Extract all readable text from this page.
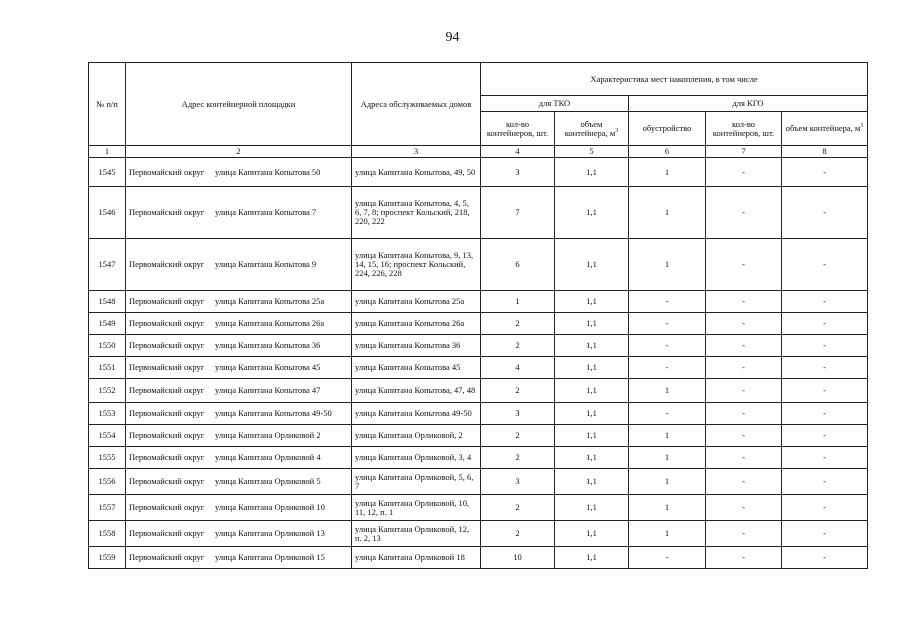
94
№ п/п	Адрес контейнерной площадки	Адреса обслуживаемых домов	Характеристика мест накопления, в том числе				
			для ТКО		для КГО		
			кол-во контейнеров, шт.	объем контейнера, $м^3$	обустройство	кол-во контейнеров, шт.	объем контейнера, $м^3$
1	2	3	4	5	6	7	8
1545	Первомайский округ улица Капитана Копытова 50	улица Капитана Копытова, 49, 50	3	1,1	1	-	-
1546	Первомайский округ улица Капитана Копытова 7	улица Капитана Копытова, 4, 5, 6, 7, 8; проспект Кольский, 218, 220, 222	7	1,1	1	-	-
1547	Первомайский округ улица Капитана Копытова 9	улица Капитана Копытова, 9, 13, 14, 15, 16; проспект Кольский, 224, 226, 228	6	1,1	1	-	-
1548	Первомайский округ улица Капитана Копытова 25а	улица Капитана Копытова 25а	1	1,1	-	-	-
1549	Первомайский округ улица Капитана Копытова 26а	улица Капитана Копытова 26а	2	1,1	-	-	-
1550	Первомайский округ улица Капитана Копытова 36	улица Капитана Копытова 36	2	1,1	-	-	-
1551	Первомайский округ улица Капитана Копытова 45	улица Капитана Копытова 45	4	1,1	-	-	-
1552	Первомайский округ улица Капитана Копытова 47	улица Капитана Копытова, 47, 48	2	1,1	1	-	-
1553	Первомайский округ улица Капитана Копытова 49-50	улица Капитана Копытова 49-50	3	1,1	-	-	-
1554	Первомайский округ улица Капитана Орликовой 2	улица Капитана Орликовой, 2	2	1,1	1	-	-
1555	Первомайский округ улица Капитана Орликовой 4	улица Капитана Орликовой, 3, 4	2	1,1	1	-	-
1556	Первомайский округ улица Капитана Орликовой 5	улица Капитана Орликовой, 5, 6, 7	3	1,1	1	-	-
1557	Первомайский округ улица Капитана Орликовой 10	улица Капитана Орликовой, 10, 11, 12, п. 1	2	1,1	1	-	-
1558	Первомайский округ улица Капитана Орликовой 13	улица Капитана Орликовой, 12, п. 2, 13	2	1,1	1	-	-
1559	Первомайский округ улица Капитана Орликовой 15	улица Капитана Орликовой 18	10	1,1	-	-	-
